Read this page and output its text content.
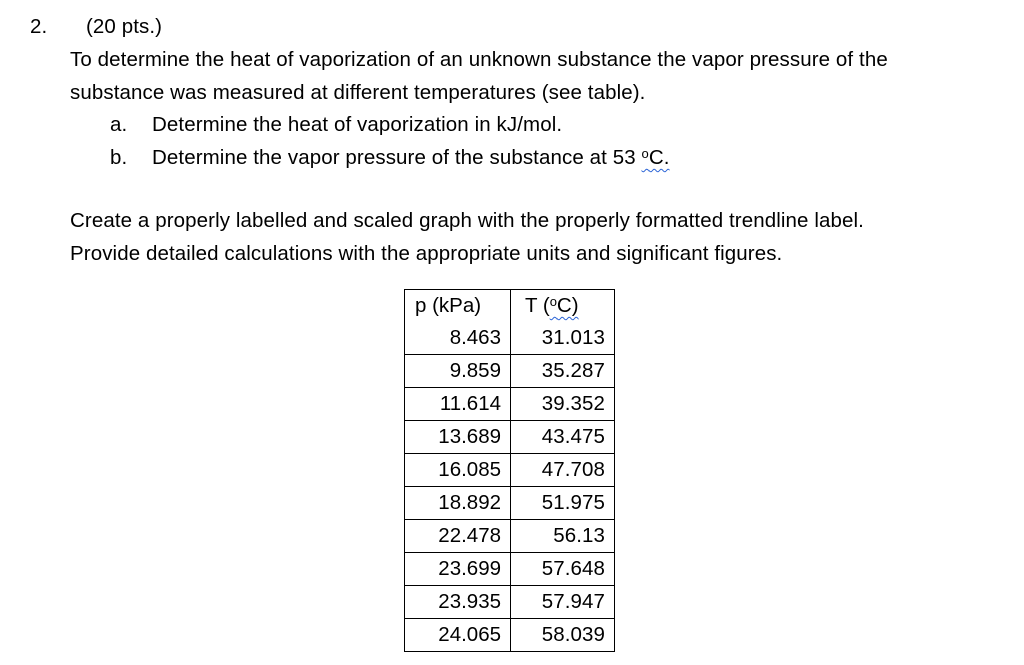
2. (20 pts.)
To determine the heat of vaporization of an unknown substance the vapor pressure of the
substance was measured at different temperatures (see table).
a. Determine the heat of vaporization in kJ/mol.
b. Determine the vapor pressure of the substance at 53 $^o$C.
Create a properly labelled and scaled graph with the properly formatted trendline label.
Provide detailed calculations with the appropriate units and significant figures.
p (kPa)	T ($^o$C)
8.463	31.013
9.859	35.287
11.614	39.352
13.689	43.475
16.085	47.708
18.892	51.975
22.478	56.13
23.699	57.648
23.935	57.947
24.065	58.039
